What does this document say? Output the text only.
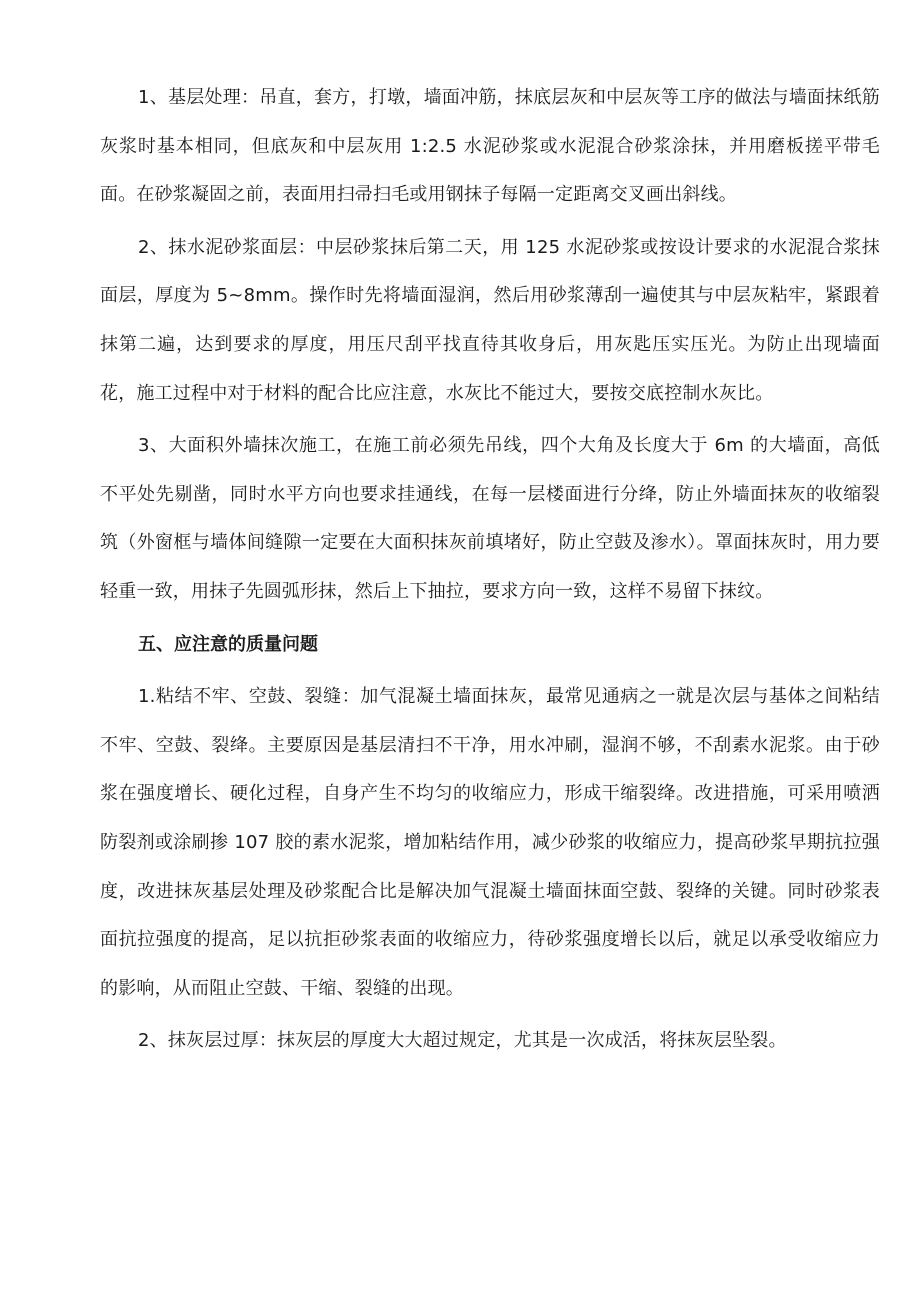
1、基层处理：吊直，套方，打墩，墙面冲筋，抹底层灰和中层灰等工序的做法与墙面抹纸筋灰浆时基本相同，但底灰和中层灰用 1:2.5 水泥砂浆或水泥混合砂浆涂抹，并用磨板搓平带毛面。在砂浆凝固之前，表面用扫帚扫毛或用钢抹子每隔一定距离交叉画出斜线。

2、抹水泥砂浆面层：中层砂浆抹后第二天，用 125 水泥砂浆或按设计要求的水泥混合浆抹面层，厚度为 5~8mm。操作时先将墙面湿润，然后用砂浆薄刮一遍使其与中层灰粘牢，紧跟着抹第二遍，达到要求的厚度，用压尺刮平找直待其收身后，用灰匙压实压光。为防止出现墙面花，施工过程中对于材料的配合比应注意，水灰比不能过大，要按交底控制水灰比。

3、大面积外墙抹次施工，在施工前必须先吊线，四个大角及长度大于 6m 的大墙面，高低不平处先剔凿，同时水平方向也要求挂通线，在每一层楼面进行分绛，防止外墙面抹灰的收缩裂筑（外窗框与墙体间缝隙一定要在大面积抹灰前填堵好，防止空鼓及渗水）。罩面抹灰时，用力要轻重一致，用抹子先圆弧形抹，然后上下抽拉，要求方向一致，这样不易留下抹纹。

五、应注意的质量问题

1.粘结不牢、空鼓、裂缝：加气混凝土墙面抹灰，最常见通病之一就是次层与基体之间粘结不牢、空鼓、裂绛。主要原因是基层清扫不干净，用水冲刷，湿润不够，不刮素水泥浆。由于砂浆在强度增长、硬化过程，自身产生不均匀的收缩应力，形成干缩裂绛。改进措施，可采用喷洒防裂剂或涂刷掺 107 胶的素水泥浆，增加粘结作用，减少砂浆的收缩应力，提高砂浆早期抗拉强度，改进抹灰基层处理及砂浆配合比是解决加气混凝土墙面抹面空鼓、裂绛的关键。同时砂浆表面抗拉强度的提高，足以抗拒砂浆表面的收缩应力，待砂浆强度增长以后，就足以承受收缩应力的影响，从而阻止空鼓、干缩、裂缝的出现。

2、抹灰层过厚：抹灰层的厚度大大超过规定，尤其是一次成活，将抹灰层坠裂。
